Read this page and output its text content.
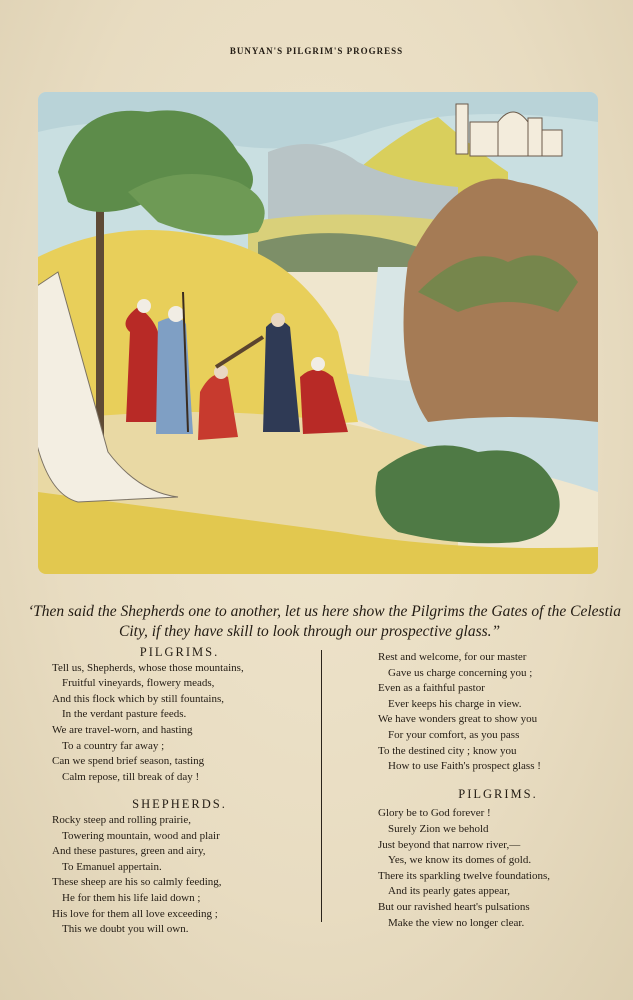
BUNYAN'S PILGRIM'S PROGRESS
‘Then said the Shepherds one to another, let us here show the Pilgrims the Gates of the Celestia
City, if they have skill to look through our prospective glass.”
PILGRIMS.
Tell us, Shepherds, whose those mountains,
Fruitful vineyards, flowery meads,
And this flock which by still fountains,
In the verdant pasture feeds.
We are travel-worn, and hasting
To a country far away ;
Can we spend brief season, tasting
Calm repose, till break of day !
SHEPHERDS.
Rocky steep and rolling prairie,
Towering mountain, wood and plair
And these pastures, green and airy,
To Emanuel appertain.
These sheep are his so calmly feeding,
He for them his life laid down ;
His love for them all love exceeding ;
This we doubt you will own.
Rest and welcome, for our master
Gave us charge concerning you ;
Even as a faithful pastor
Ever keeps his charge in view.
We have wonders great to show you
For your comfort, as you pass
To the destined city ; know you
How to use Faith's prospect glass !
PILGRIMS.
Glory be to God forever !
Surely Zion we behold
Just beyond that narrow river,—
Yes, we know its domes of gold.
There its sparkling twelve foundations,
And its pearly gates appear,
But our ravished heart's pulsations
Make the view no longer clear.
